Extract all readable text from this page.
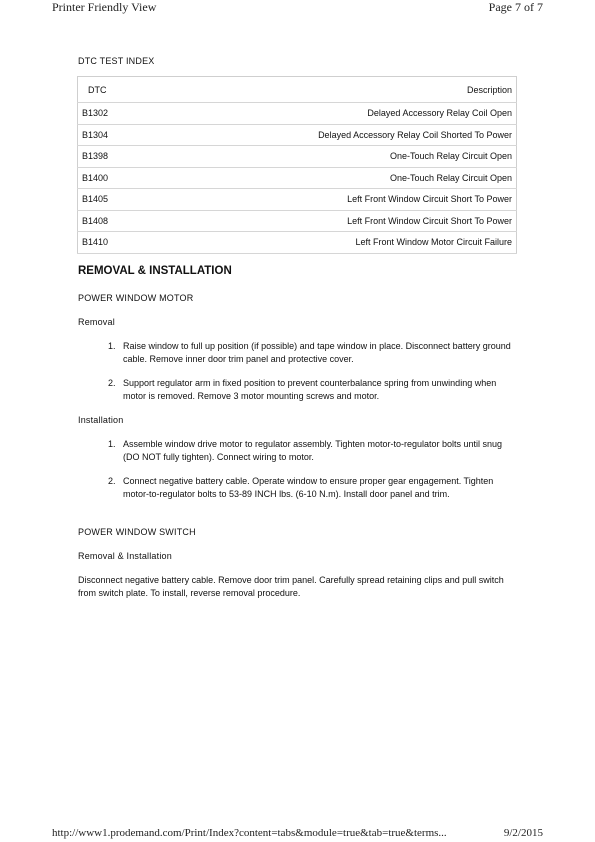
Printer Friendly View	Page 7 of 7
DTC TEST INDEX
DTC	Description
B1302	Delayed Accessory Relay Coil Open
B1304	Delayed Accessory Relay Coil Shorted To Power
B1398	One-Touch Relay Circuit Open
B1400	One-Touch Relay Circuit Open
B1405	Left Front Window Circuit Short To Power
B1408	Left Front Window Circuit Short To Power
B1410	Left Front Window Motor Circuit Failure
REMOVAL & INSTALLATION
POWER WINDOW MOTOR
Removal
1. Raise window to full up position (if possible) and tape window in place. Disconnect battery ground cable. Remove inner door trim panel and protective cover.
2. Support regulator arm in fixed position to prevent counterbalance spring from unwinding when motor is removed. Remove 3 motor mounting screws and motor.
Installation
1. Assemble window drive motor to regulator assembly. Tighten motor-to-regulator bolts until snug (DO NOT fully tighten). Connect wiring to motor.
2. Connect negative battery cable. Operate window to ensure proper gear engagement. Tighten motor-to-regulator bolts to 53-89 INCH lbs. (6-10 N.m). Install door panel and trim.
POWER WINDOW SWITCH
Removal & Installation
Disconnect negative battery cable. Remove door trim panel. Carefully spread retaining clips and pull switch from switch plate. To install, reverse removal procedure.
http://www1.prodemand.com/Print/Index?content=tabs&module=true&tab=true&terms...	9/2/2015
